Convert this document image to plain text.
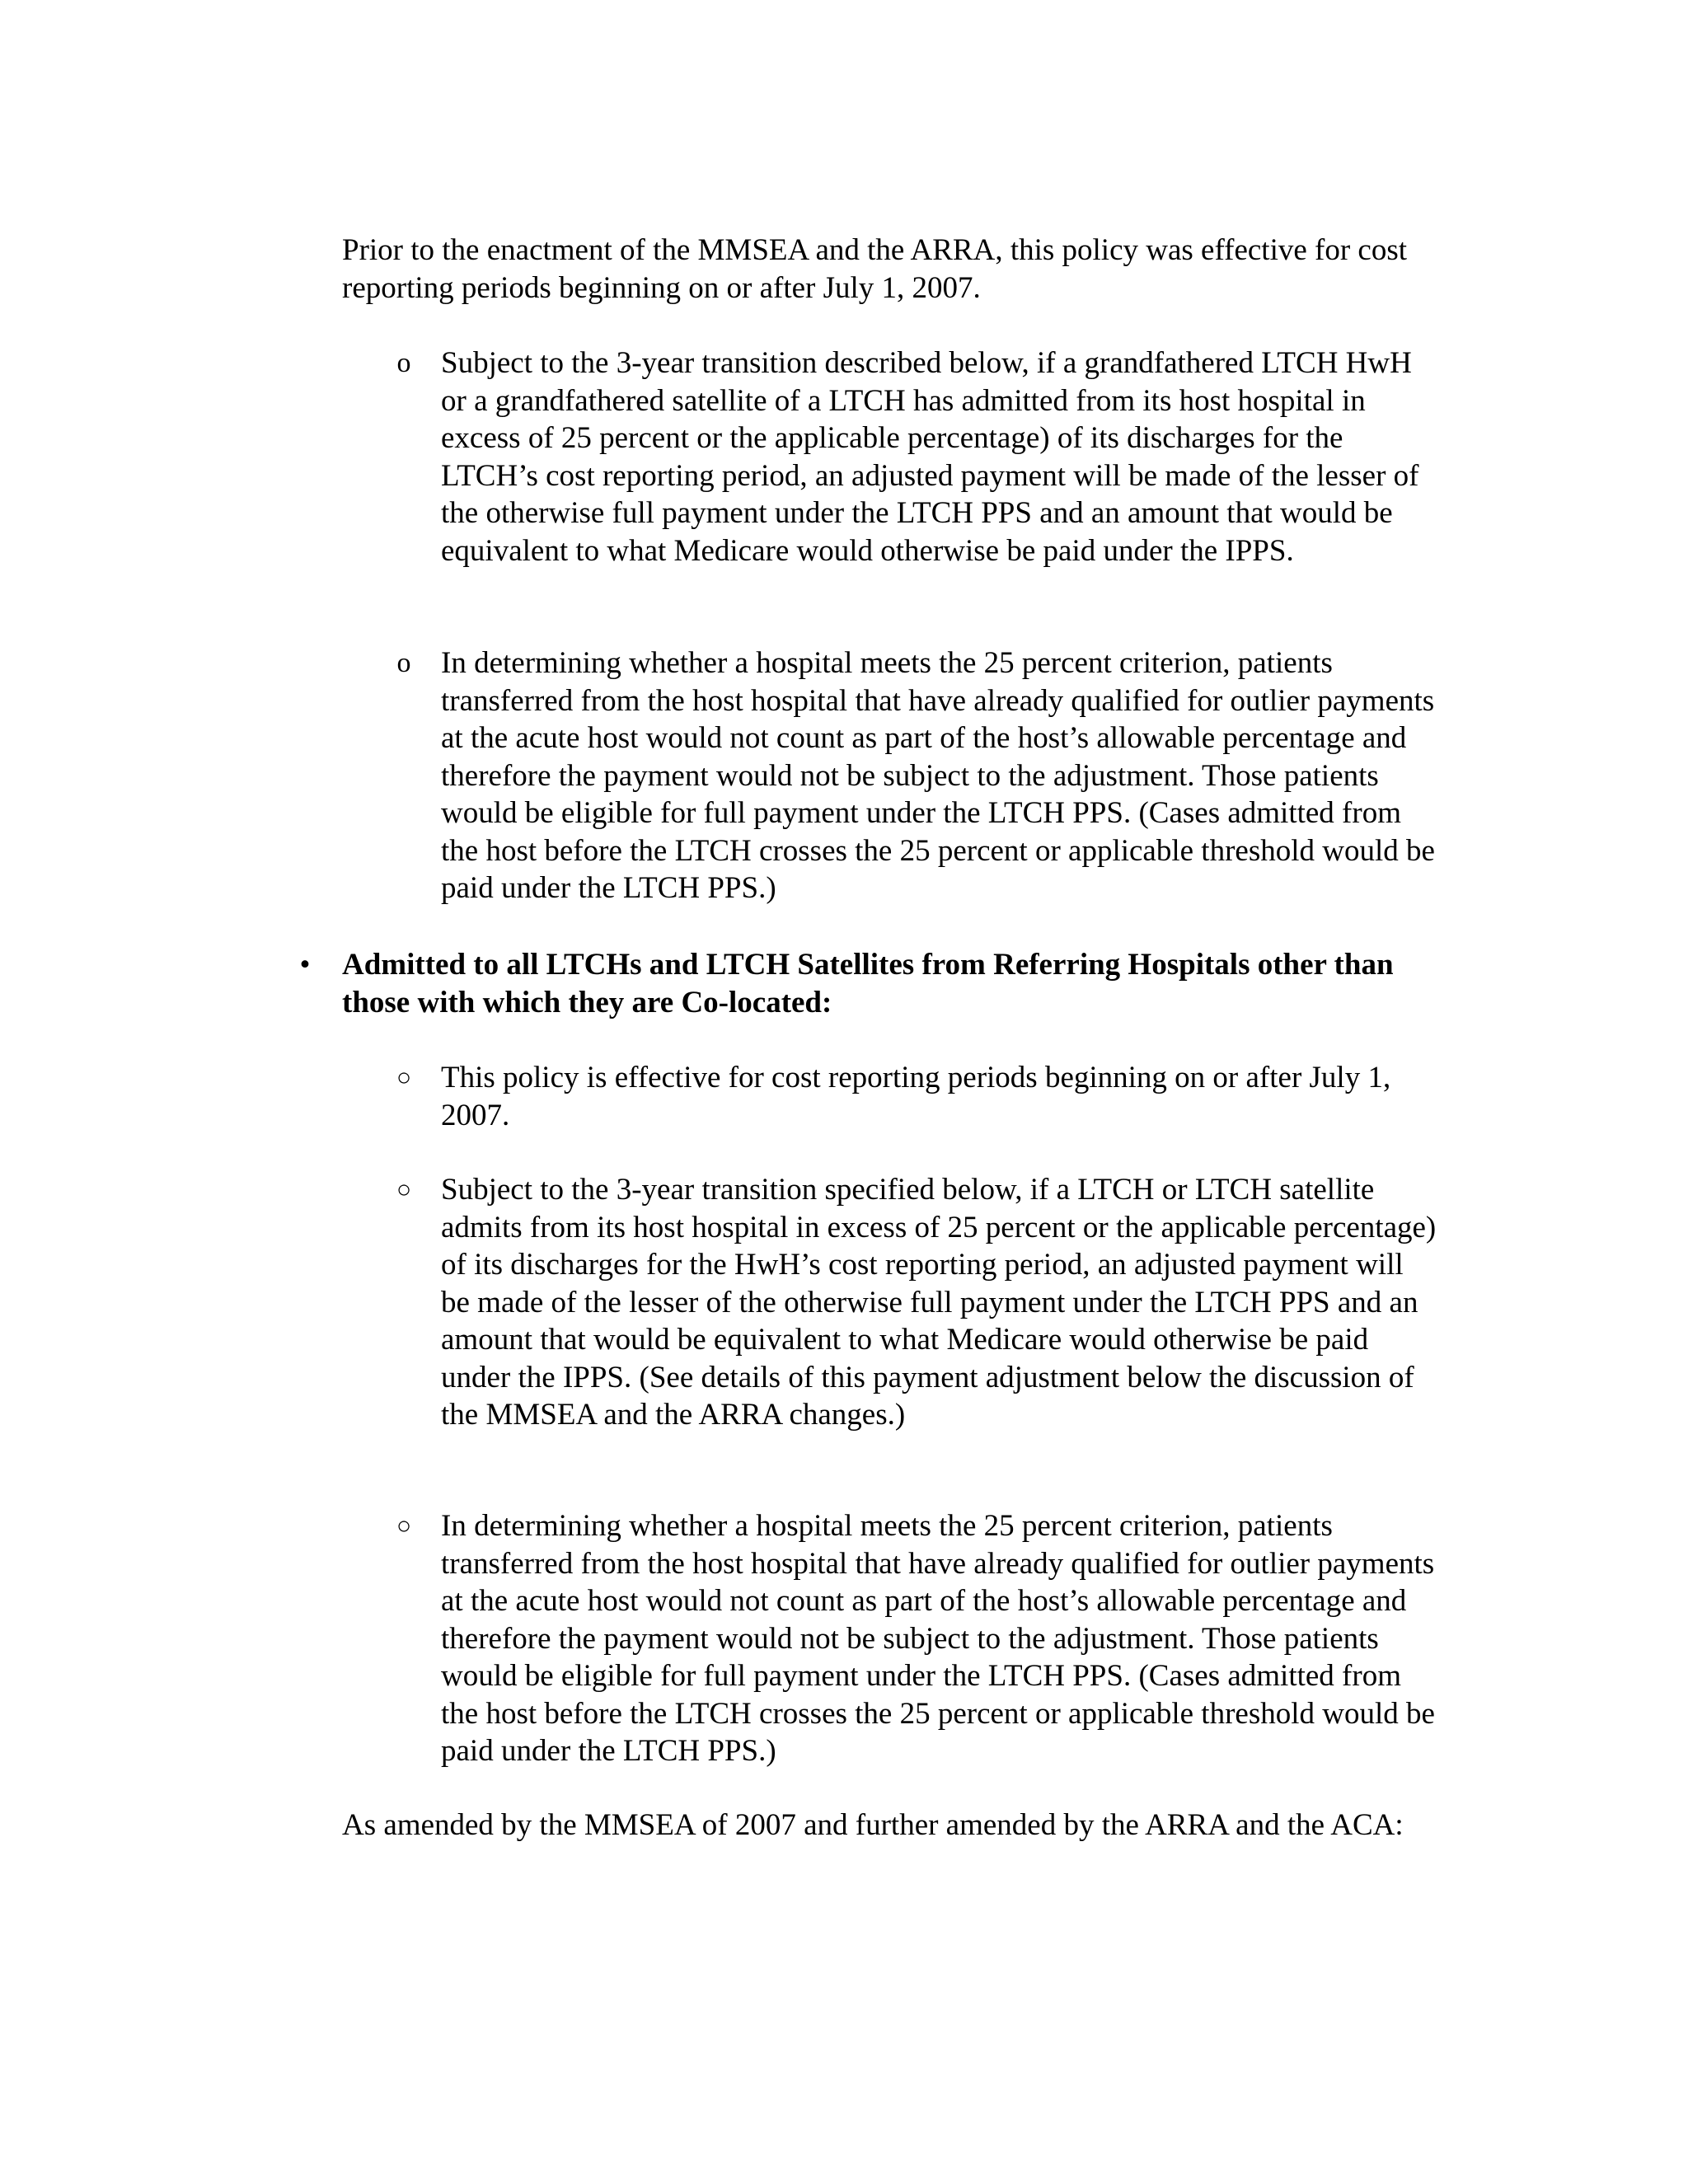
Prior to the enactment of the MMSEA and the ARRA, this policy was effective for cost reporting periods beginning on or after July 1, 2007.

o Subject to the 3-year transition described below, if a grandfathered LTCH HwH or a grandfathered satellite of a LTCH has admitted from its host hospital in excess of 25 percent or the applicable percentage) of its discharges for the LTCH’s cost reporting period, an adjusted payment will be made of the lesser of the otherwise full payment under the LTCH PPS and an amount that would be equivalent to what Medicare would otherwise be paid under the IPPS.
o In determining whether a hospital meets the 25 percent criterion, patients transferred from the host hospital that have already qualified for outlier payments at the acute host would not count as part of the host’s allowable percentage and therefore the payment would not be subject to the adjustment. Those patients would be eligible for full payment under the LTCH PPS. (Cases admitted from the host before the LTCH crosses the 25 percent or applicable threshold would be paid under the LTCH PPS.)
• Admitted to all LTCHs and LTCH Satellites from Referring Hospitals other than those with which they are Co-located:
○ This policy is effective for cost reporting periods beginning on or after July 1, 2007.
○ Subject to the 3-year transition specified below, if a LTCH or LTCH satellite admits from its host hospital in excess of 25 percent or the applicable percentage) of its discharges for the HwH’s cost reporting period, an adjusted payment will be made of the lesser of the otherwise full payment under the LTCH PPS and an amount that would be equivalent to what Medicare would otherwise be paid under the IPPS. (See details of this payment adjustment below the discussion of the MMSEA and the ARRA changes.)
○ In determining whether a hospital meets the 25 percent criterion, patients transferred from the host hospital that have already qualified for outlier payments at the acute host would not count as part of the host’s allowable percentage and therefore the payment would not be subject to the adjustment. Those patients would be eligible for full payment under the LTCH PPS. (Cases admitted from the host before the LTCH crosses the 25 percent or applicable threshold would be paid under the LTCH PPS.)

As amended by the MMSEA of 2007 and further amended by the ARRA and the ACA:
